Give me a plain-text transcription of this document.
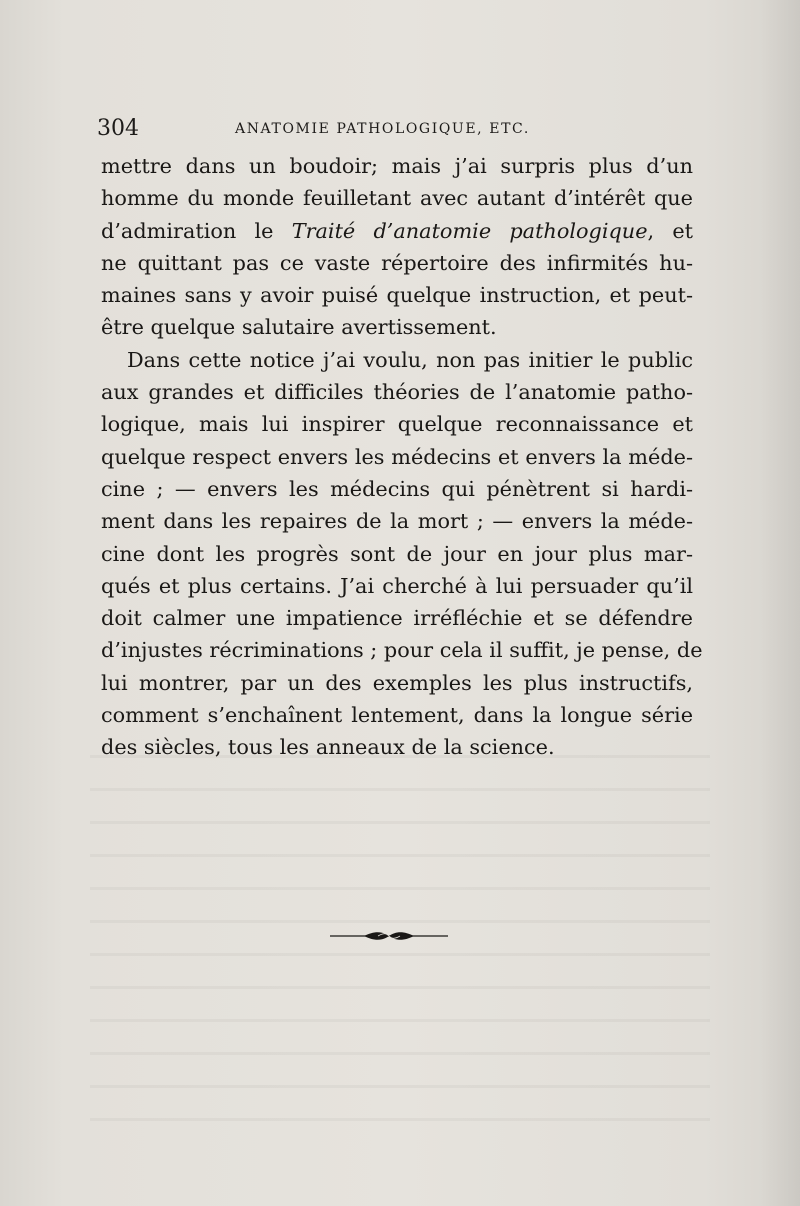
304	ANATOMIE PATHOLOGIQUE, ETC.
mettre dans un boudoir; mais j’ai surpris plus d’un
homme du monde feuilletant avec autant d’intérêt que
d’admiration le Traité d’anatomie pathologique, et
ne quittant pas ce vaste répertoire des infirmités hu-
maines sans y avoir puisé quelque instruction, et peut-
être quelque salutaire avertissement.
Dans cette notice j’ai voulu, non pas initier le public
aux grandes et difficiles théories de l’anatomie patho-
logique, mais lui inspirer quelque reconnaissance et
quelque respect envers les médecins et envers la méde-
cine ; — envers les médecins qui pénètrent si hardi-
ment dans les repaires de la mort ; — envers la méde-
cine dont les progrès sont de jour en jour plus mar-
qués et plus certains. J’ai cherché à lui persuader qu’il
doit calmer une impatience irréfléchie et se défendre
d’injustes récriminations ; pour cela il suffit, je pense, de
lui montrer, par un des exemples les plus instructifs,
comment s’enchaînent lentement, dans la longue série
des siècles, tous les anneaux de la science.
